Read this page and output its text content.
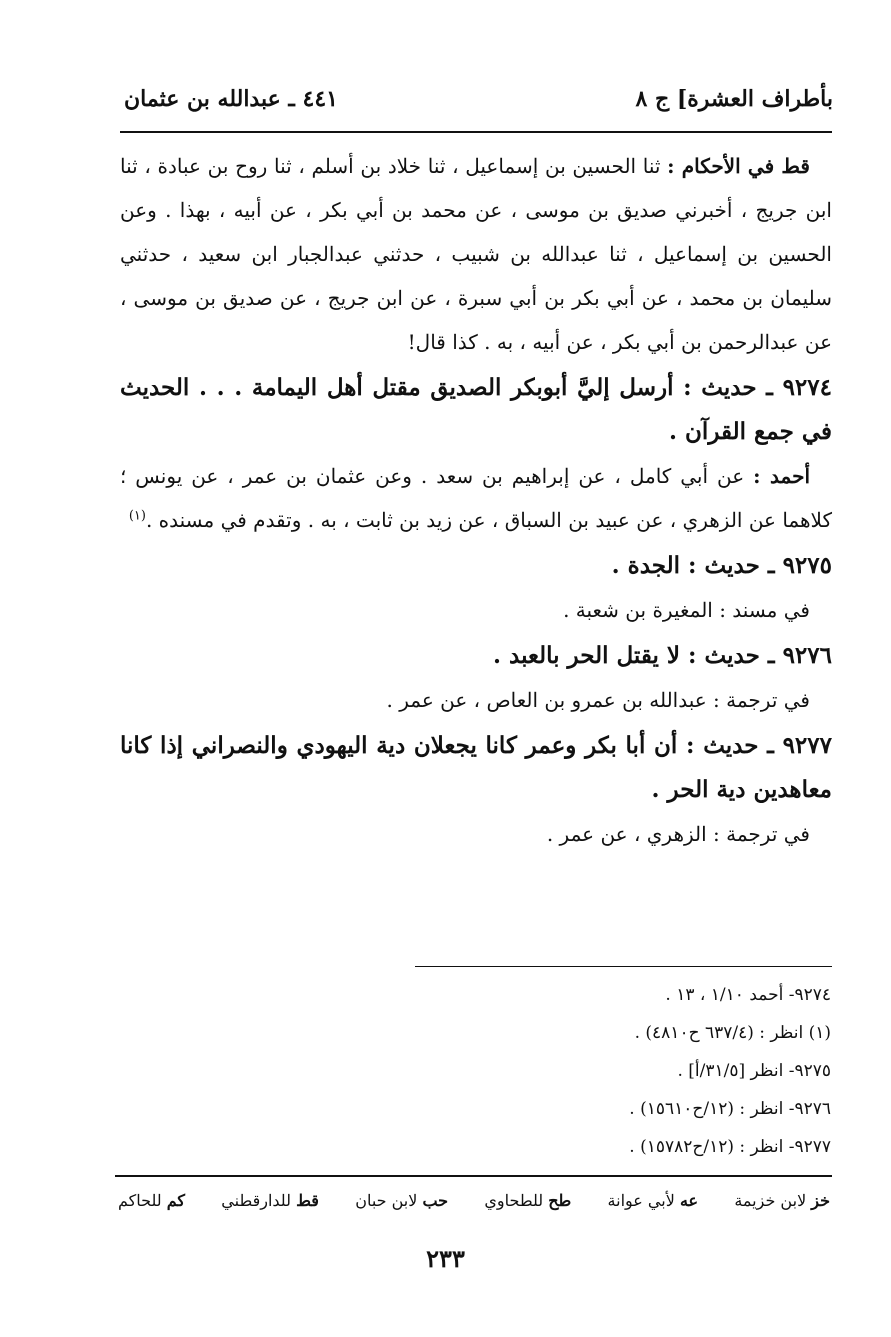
بأطراف العشرة] ج ٨
٤٤١ ـ عبدالله بن عثمان

قط في الأحكام : ثنا الحسين بن إسماعيل ، ثنا خلاد بن أسلم ، ثنا روح بن عبادة ، ثنا ابن جريج ، أخبرني صديق بن موسى ، عن محمد بن أبي بكر ، عن أبيه ، بهذا . وعن الحسين بن إسماعيل ، ثنا عبدالله بن شبيب ، حدثني عبدالجبار ابن سعيد ، حدثني سليمان بن محمد ، عن أبي بكر بن أبي سبرة ، عن ابن جريج ، عن صديق بن موسى ، عن عبدالرحمن بن أبي بكر ، عن أبيه ، به . كذا قال!

٩٢٧٤ ـ حديث : أرسل إليَّ أبوبكر الصديق مقتل أهل اليمامة . . . الحديث في جمع القرآن .

أحمد : عن أبي كامل ، عن إبراهيم بن سعد . وعن عثمان بن عمر ، عن يونس ؛ كلاهما عن الزهري ، عن عبيد بن السباق ، عن زيد بن ثابت ، به . وتقدم في مسنده .$^{(١)}$

٩٢٧٥ ـ حديث : الجدة .

في مسند : المغيرة بن شعبة .

٩٢٧٦ ـ حديث : لا يقتل الحر بالعبد .

في ترجمة : عبدالله بن عمرو بن العاص ، عن عمر .

٩٢٧٧ ـ حديث : أن أبا بكر وعمر كانا يجعلان دية اليهودي والنصراني إذا كانا معاهدين دية الحر .

في ترجمة : الزهري ، عن عمر .

٩٢٧٤- أحمد ١/١٠ ، ١٣ .

(١) انظر : (٦٣٧/٤ ح٤٨١٠) .

٩٢٧٥- انظر [٣١/٥/أ] .

٩٢٧٦- انظر : (١٢/ح١٥٦١٠) .

٩٢٧٧- انظر : (١٢/ح١٥٧٨٢) .

خز لابن خزيمة
عه لأبي عوانة
طح للطحاوي
حب لابن حبان
قط للدارقطني
كم للحاكم
٢٣٣
